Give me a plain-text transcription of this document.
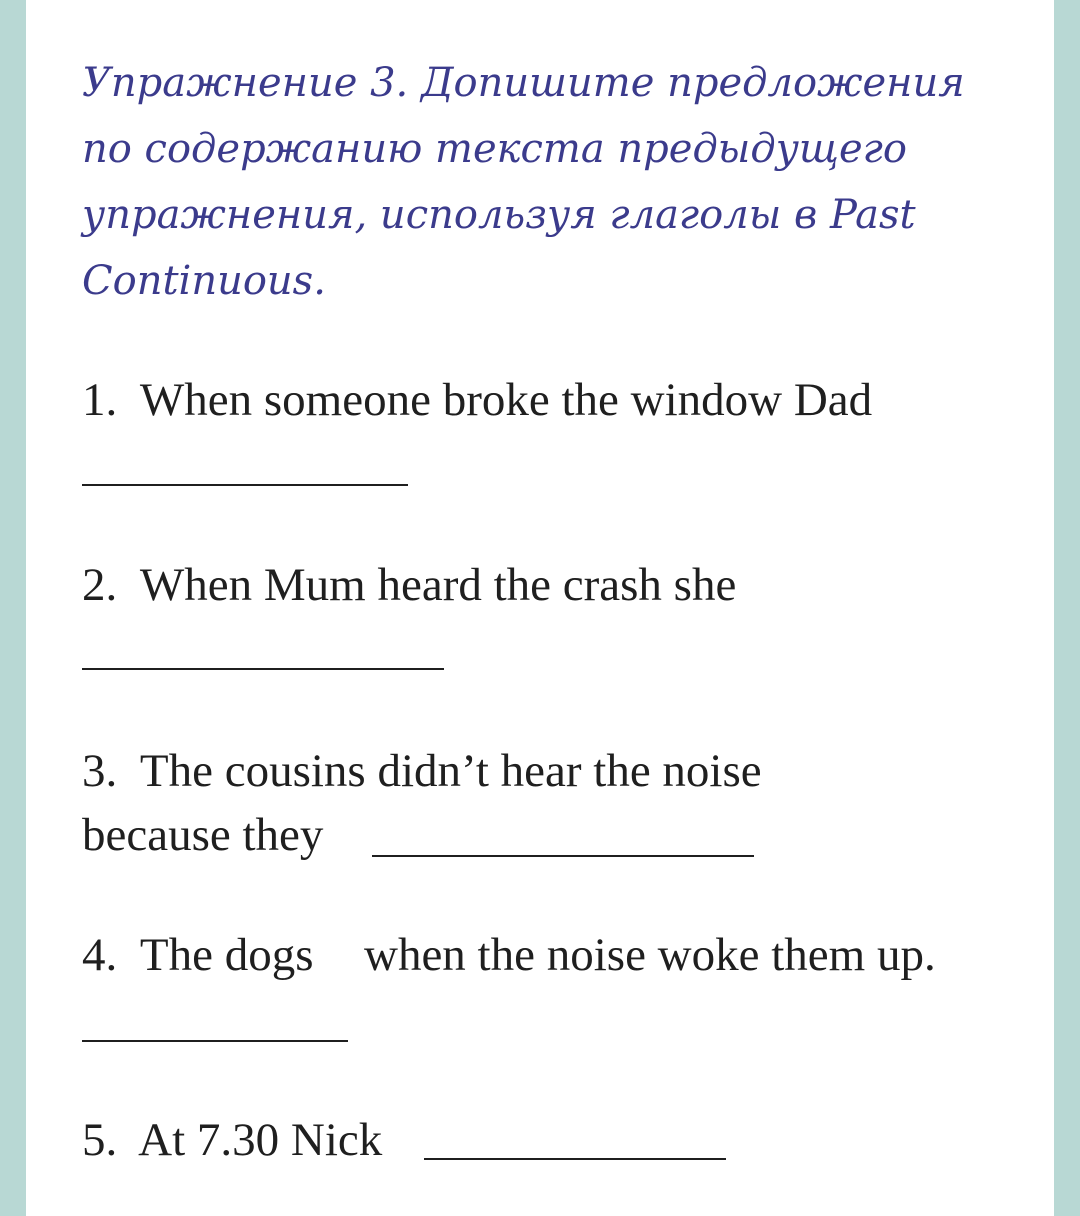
Упражнение 3. Допишите предложения по содержанию текста предыдущего упражнения, используя глаголы в Past Continuous.

1. When someone broke the window Dad
2. When Mum heard the crash she
3. The cousins didn’t hear the noise
because they
4. The dogs when the noise woke them up.
5. At 7.30 Nick
